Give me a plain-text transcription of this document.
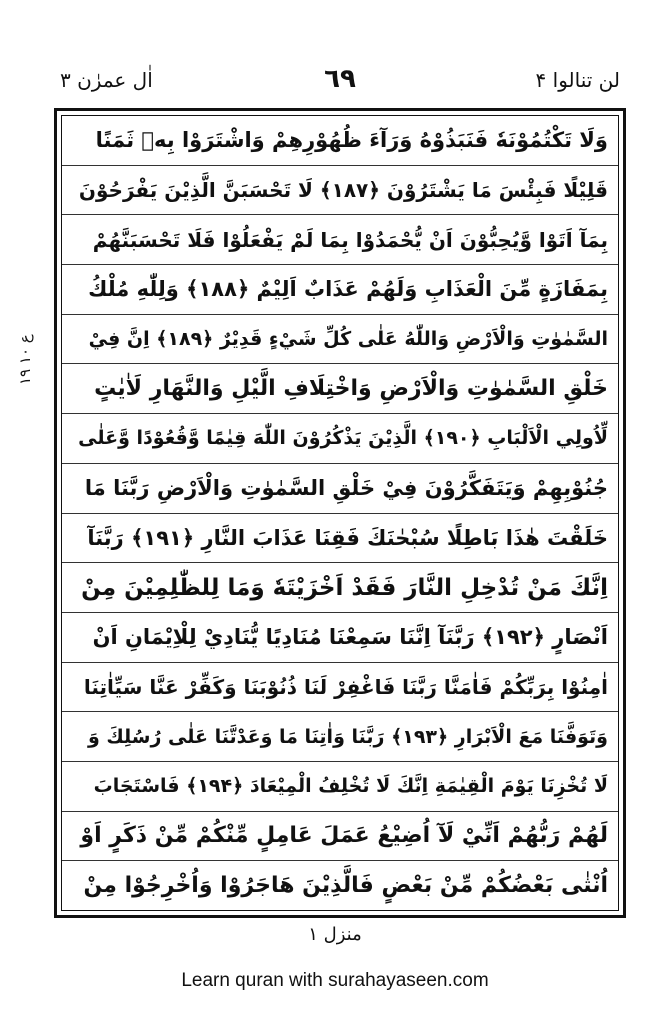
لن تنالوا ۴
٦٩
اٰل عمرٰن ۳
ع ۱۰ ۱۹
وَلَا تَكْتُمُوْنَهٗ فَنَبَذُوْهُ وَرَآءَ ظُهُوْرِهِمْ وَاشْتَرَوْا بِهٖ ثَمَنًا
قَلِيْلًا فَبِئْسَ مَا يَشْتَرُوْنَ ﴿۱۸۷﴾ لَا تَحْسَبَنَّ الَّذِيْنَ يَفْرَحُوْنَ
بِمَآ اَتَوْا وَّيُحِبُّوْنَ اَنْ يُّحْمَدُوْا بِمَا لَمْ يَفْعَلُوْا فَلَا تَحْسَبَنَّهُمْ
بِمَفَازَةٍ مِّنَ الْعَذَابِ وَلَهُمْ عَذَابٌ اَلِيْمٌ ﴿۱۸۸﴾ وَلِلّٰهِ مُلْكُ
السَّمٰوٰتِ وَالْاَرْضِ وَاللّٰهُ عَلٰى كُلِّ شَيْءٍ قَدِيْرٌ ﴿۱۸۹﴾ اِنَّ فِيْ
خَلْقِ السَّمٰوٰتِ وَالْاَرْضِ وَاخْتِلَافِ الَّيْلِ وَالنَّهَارِ لَاٰيٰتٍ
لِّاُولِي الْاَلْبَابِ ﴿۱۹۰﴾ الَّذِيْنَ يَذْكُرُوْنَ اللّٰهَ قِيٰمًا وَّقُعُوْدًا وَّعَلٰى
جُنُوْبِهِمْ وَيَتَفَكَّرُوْنَ فِيْ خَلْقِ السَّمٰوٰتِ وَالْاَرْضِ رَبَّنَا مَا
خَلَقْتَ هٰذَا بَاطِلًا سُبْحٰنَكَ فَقِنَا عَذَابَ النَّارِ ﴿۱۹۱﴾ رَبَّنَآ
اِنَّكَ مَنْ تُدْخِلِ النَّارَ فَقَدْ اَخْزَيْتَهٗ وَمَا لِلظّٰلِمِيْنَ مِنْ
اَنْصَارٍ ﴿۱۹۲﴾ رَبَّنَآ اِنَّنَا سَمِعْنَا مُنَادِيًا يُّنَادِيْ لِلْاِيْمَانِ اَنْ
اٰمِنُوْا بِرَبِّكُمْ فَاٰمَنَّا رَبَّنَا فَاغْفِرْ لَنَا ذُنُوْبَنَا وَكَفِّرْ عَنَّا سَيِّاٰتِنَا
وَتَوَفَّنَا مَعَ الْاَبْرَارِ ﴿۱۹۳﴾ رَبَّنَا وَاٰتِنَا مَا وَعَدْتَّنَا عَلٰى رُسُلِكَ وَ
لَا تُخْزِنَا يَوْمَ الْقِيٰمَةِ اِنَّكَ لَا تُخْلِفُ الْمِيْعَادَ ﴿۱۹۴﴾ فَاسْتَجَابَ
لَهُمْ رَبُّهُمْ اَنِّيْ لَآ اُضِيْعُ عَمَلَ عَامِلٍ مِّنْكُمْ مِّنْ ذَكَرٍ اَوْ
اُنْثٰى بَعْضُكُمْ مِّنْ بَعْضٍ فَالَّذِيْنَ هَاجَرُوْا وَاُخْرِجُوْا مِنْ
منزل ۱
Learn quran with surahayaseen.com
